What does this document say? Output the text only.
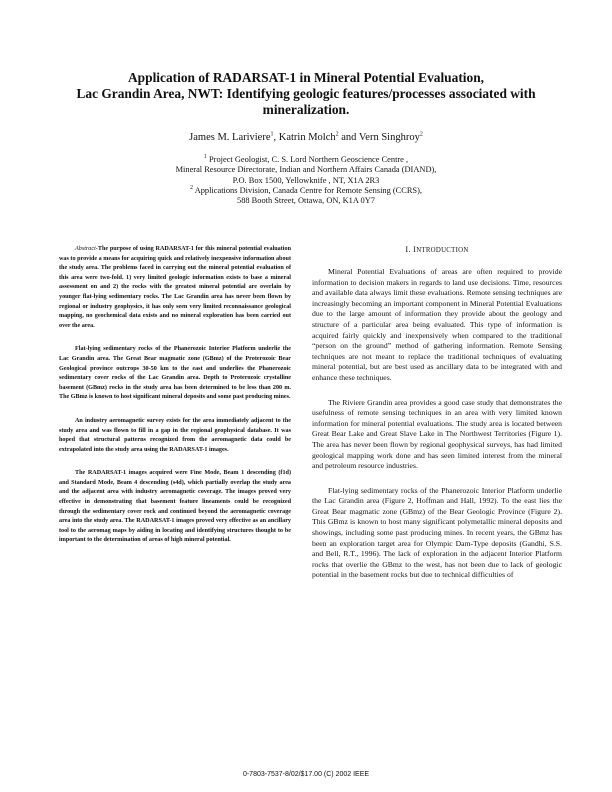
Application of RADARSAT-1 in Mineral Potential Evaluation,
Lac Grandin Area, NWT: Identifying geologic features/processes associated with
mineralization.
James M. Lariviere$^1$, Katrin Molch$^2$ and Vern Singhroy$^2$
$^1$ Project Geologist, C. S. Lord Northern Geoscience Centre ,
Mineral Resource Directorate, Indian and Northern Affairs Canada (DIAND),
P.O. Box 1500, Yellowknife , NT, X1A 2R3
$^2$ Applications Division, Canada Centre for Remote Sensing (CCRS),
588 Booth Street, Ottawa, ON, K1A 0Y7

Abstract-The purpose of using RADARSAT-1 for this mineral potential evaluation was to provide a means for acquiring quick and relatively inexpensive information about the study area. The problems faced in carrying out the mineral potential evaluation of this area were two-fold. 1) very limited geologic information exists to base a mineral assessment on and 2) the rocks with the greatest mineral potential are overlain by younger flat-lying sedimentary rocks. The Lac Grandin area has never been flown by regional or industry geophysics, it has only seen very limited reconnaissance geological mapping, no geochemical data exists and no mineral exploration has been carried out over the area.

Flat-lying sedimentary rocks of the Phanerozoic Interior Platform underlie the Lac Grandin area. The Great Bear magmatic zone (GBmz) of the Proterozoic Bear Geological province outcrops 30-50 km to the east and underlies the Phanerozoic sedimentary cover rocks of the Lac Grandin area. Depth to Proterozoic crystalline basement (GBmz) rocks in the study area has been determined to be less than 200 m. The GBmz is known to host significant mineral deposits and some past producing mines.

An industry aeromagnetic survey exists for the area immediately adjacent to the study area and was flown to fill in a gap in the regional geophysical database. It was hoped that structural patterns recognized from the aeromagnetic data could be extrapolated into the study area using the RADARSAT-1 images.

The RADARSAT-1 images acquired were Fine Mode, Beam 1 descending (f1d) and Standard Mode, Beam 4 descending (s4d), which partially overlap the study area and the adjacent area with industry aeromagnetic coverage. The images proved very effective in demonstrating that basement feature lineaments could be recognized through the sedimentary cover rock and continued beyond the aeromagnetic coverage area into the study area. The RADARSAT-1 images proved very effective as an ancillary tool to the aeromag maps by aiding in locating and identifying structures thought to be important to the determination of areas of high mineral potential.

I. INTRODUCTION

Mineral Potential Evaluations of areas are often required to provide information to decision makers in regards to land use decisions. Time, resources and available data always limit these evaluations. Remote sensing techniques are increasingly becoming an important component in Mineral Potential Evaluations due to the large amount of information they provide about the geology and structure of a particular area being evaluated. This type of information is acquired fairly quickly and inexpensively when compared to the traditional “person on the ground” method of gathering information. Remote Sensing techniques are not meant to replace the traditional techniques of evaluating mineral potential, but are best used as ancillary data to be integrated with and enhance these techniques.

The Riviere Grandin area provides a good case study that demonstrates the usefulness of remote sensing techniques in an area with very limited known information for mineral potential evaluations. The study area is located between Great Bear Lake and Great Slave Lake in The Northwest Territories (Figure 1). The area has never been flown by regional geophysical surveys, has had limited geological mapping work done and has seen limited interest from the mineral and petroleum resource industries.

Flat-lying sedimentary rocks of the Phanerozoic Interior Platform underlie the Lac Grandin area (Figure 2, Hoffman and Hall, 1992). To the east lies the Great Bear magmatic zone (GBmz) of the Bear Geologic Province (Figure 2). This GBmz is known to host many significant polymetallic mineral deposits and showings, including some past producing mines. In recent years, the GBmz has been an exploration target area for Olympic Dam-Type deposits (Gandhi, S.S. and Bell, R.T., 1996). The lack of exploration in the adjacent Interior Platform rocks that overlie the GBmz to the west, has not been due to lack of geologic potential in the basement rocks but due to technical difficulties of

0-7803-7537-8/02/$17.00 (C) 2002 IEEE
